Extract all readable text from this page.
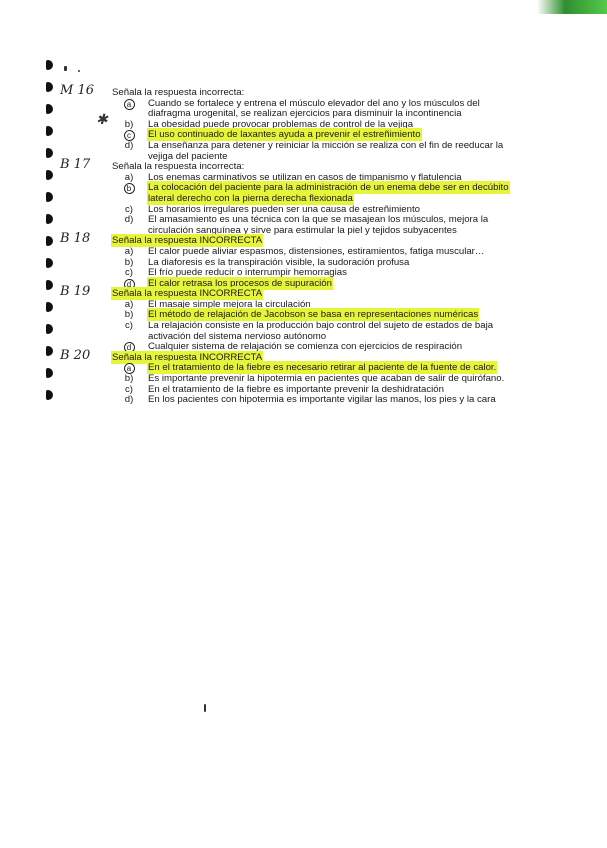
✱
M 16	Señala la respuesta incorrecta:
a	Cuando se fortalece y entrena el músculo elevador del ano y los músculos del
diafragma urogenital, se realizan ejercicios para disminuir la incontinencia
b) La obesidad puede provocar problemas de control de la vejiga
c	El uso continuado de laxantes ayuda a prevenir el estreñimiento
d) La enseñanza para detener y reiniciar la micción se realiza con el fin de reeducar la
vejiga del paciente
B 17	Señala la respuesta incorrecta:
a) Los enemas carminativos se utilizan en casos de timpanismo y flatulencia
b	La colocación del paciente para la administración de un enema debe ser en decúbito
lateral derecho con la pierna derecha flexionada
c)	Los horarios irregulares pueden ser una causa de estreñimiento
d) El amasamiento es una técnica con la que se masajean los músculos, mejora la
circulación sanguínea y sirve para estimular la piel y tejidos subyacentes
B 18	Señala la respuesta INCORRECTA
a) El calor puede aliviar espasmos, distensiones, estiramientos, fatiga muscular…
b) La diaforesis es la transpiración visible, la sudoración profusa
c)	El frío puede reducir o interrumpir hemorragias
d	El calor retrasa los procesos de supuración
B 19	Señala la respuesta INCORRECTA
a) El masaje simple mejora la circulación
b) El método de relajación de Jacobson se basa en representaciones numéricas
c)	La relajación consiste en la producción bajo control del sujeto de estados de baja
activación del sistema nervioso autónomo
d	Cualquier sistema de relajación se comienza con ejercicios de respiración
B 20	Señala la respuesta INCORRECTA
a	En el tratamiento de la fiebre es necesario retirar al paciente de la fuente de calor.
b) Es importante prevenir la hipotermia en pacientes que acaban de salir de quirófano.
c)	En el tratamiento de la fiebre es importante prevenir la deshidratación
d) En los pacientes con hipotermia es importante vigilar las manos, los pies y la cara
